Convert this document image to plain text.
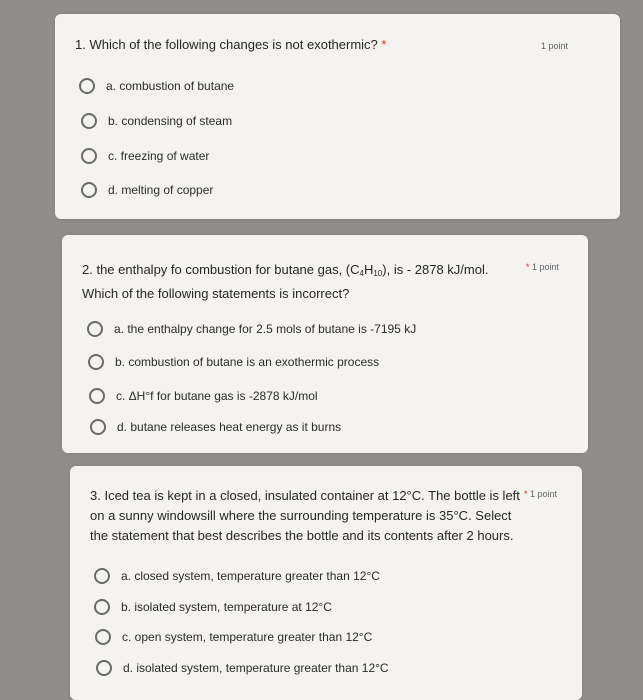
1. Which of the following changes is not exothermic? *	1 point
a. combustion of butane
b. condensing of steam
c. freezing of water
d. melting of copper
2. the enthalpy fo combustion for butane gas, $(C_4H_{10})$, is - 2878 kJ/mol.
Which of the following statements is incorrect?
* 1 point
a. the enthalpy change for 2.5 mols of butane is -7195 kJ
b. combustion of butane is an exothermic process
c. ΔH°f for butane gas is -2878 kJ/mol
d. butane releases heat energy as it burns
3. Iced tea is kept in a closed, insulated container at 12°C. The bottle is left
on a sunny windowsill where the surrounding temperature is 35°C. Select
the statement that best describes the bottle and its contents after 2 hours.
* 1 point
a. closed system, temperature greater than 12°C
b. isolated system, temperature at 12°C
c. open system, temperature greater than 12°C
d. isolated system, temperature greater than 12°C
